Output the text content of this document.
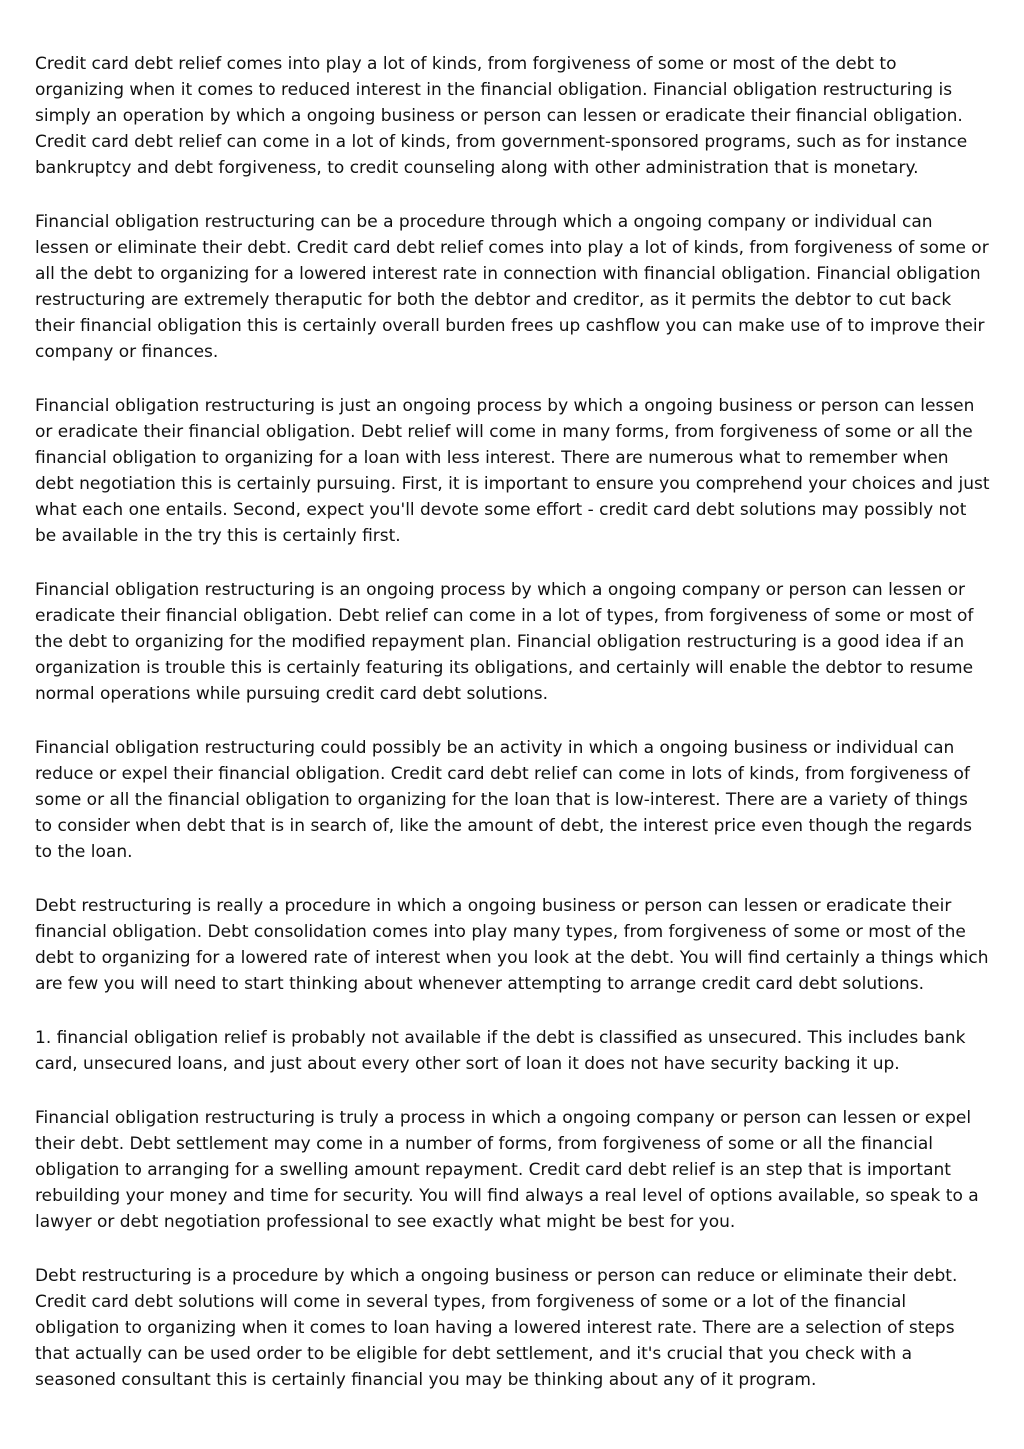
Credit card debt relief comes into play a lot of kinds, from forgiveness of some or most of the debt to organizing when it comes to reduced interest in the financial obligation. Financial obligation restructuring is simply an operation by which a ongoing business or person can lessen or eradicate their financial obligation. Credit card debt relief can come in a lot of kinds, from government-sponsored programs, such as for instance bankruptcy and debt forgiveness, to credit counseling along with other administration that is monetary.

Financial obligation restructuring can be a procedure through which a ongoing company or individual can lessen or eliminate their debt. Credit card debt relief comes into play a lot of kinds, from forgiveness of some or all the debt to organizing for a lowered interest rate in connection with financial obligation. Financial obligation restructuring are extremely theraputic for both the debtor and creditor, as it permits the debtor to cut back their financial obligation this is certainly overall burden frees up cashflow you can make use of to improve their company or finances.

Financial obligation restructuring is just an ongoing process by which a ongoing business or person can lessen or eradicate their financial obligation. Debt relief will come in many forms, from forgiveness of some or all the financial obligation to organizing for a loan with less interest. There are numerous what to remember when debt negotiation this is certainly pursuing. First, it is important to ensure you comprehend your choices and just what each one entails. Second, expect you'll devote some effort - credit card debt solutions may possibly not be available in the try this is certainly first.

Financial obligation restructuring is an ongoing process by which a ongoing company or person can lessen or eradicate their financial obligation. Debt relief can come in a lot of types, from forgiveness of some or most of the debt to organizing for the modified repayment plan. Financial obligation restructuring is a good idea if an organization is trouble this is certainly featuring its obligations, and certainly will enable the debtor to resume normal operations while pursuing credit card debt solutions.

Financial obligation restructuring could possibly be an activity in which a ongoing business or individual can reduce or expel their financial obligation. Credit card debt relief can come in lots of kinds, from forgiveness of some or all the financial obligation to organizing for the loan that is low-interest. There are a variety of things to consider when debt that is in search of, like the amount of debt, the interest price even though the regards to the loan.

Debt restructuring is really a procedure in which a ongoing business or person can lessen or eradicate their financial obligation. Debt consolidation comes into play many types, from forgiveness of some or most of the debt to organizing for a lowered rate of interest when you look at the debt. You will find certainly a things which are few you will need to start thinking about whenever attempting to arrange credit card debt solutions.

1. financial obligation relief is probably not available if the debt is classified as unsecured. This includes bank card, unsecured loans, and just about every other sort of loan it does not have security backing it up.

Financial obligation restructuring is truly a process in which a ongoing company or person can lessen or expel their debt. Debt settlement may come in a number of forms, from forgiveness of some or all the financial obligation to arranging for a swelling amount repayment. Credit card debt relief is an step that is important rebuilding your money and time for security. You will find always a real level of options available, so speak to a lawyer or debt negotiation professional to see exactly what might be best for you.

Debt restructuring is a procedure by which a ongoing business or person can reduce or eliminate their debt. Credit card debt solutions will come in several types, from forgiveness of some or a lot of the financial obligation to organizing when it comes to loan having a lowered interest rate. There are a selection of steps that actually can be used order to be eligible for debt settlement, and it's crucial that you check with a seasoned consultant this is certainly financial you may be thinking about any of it program.
